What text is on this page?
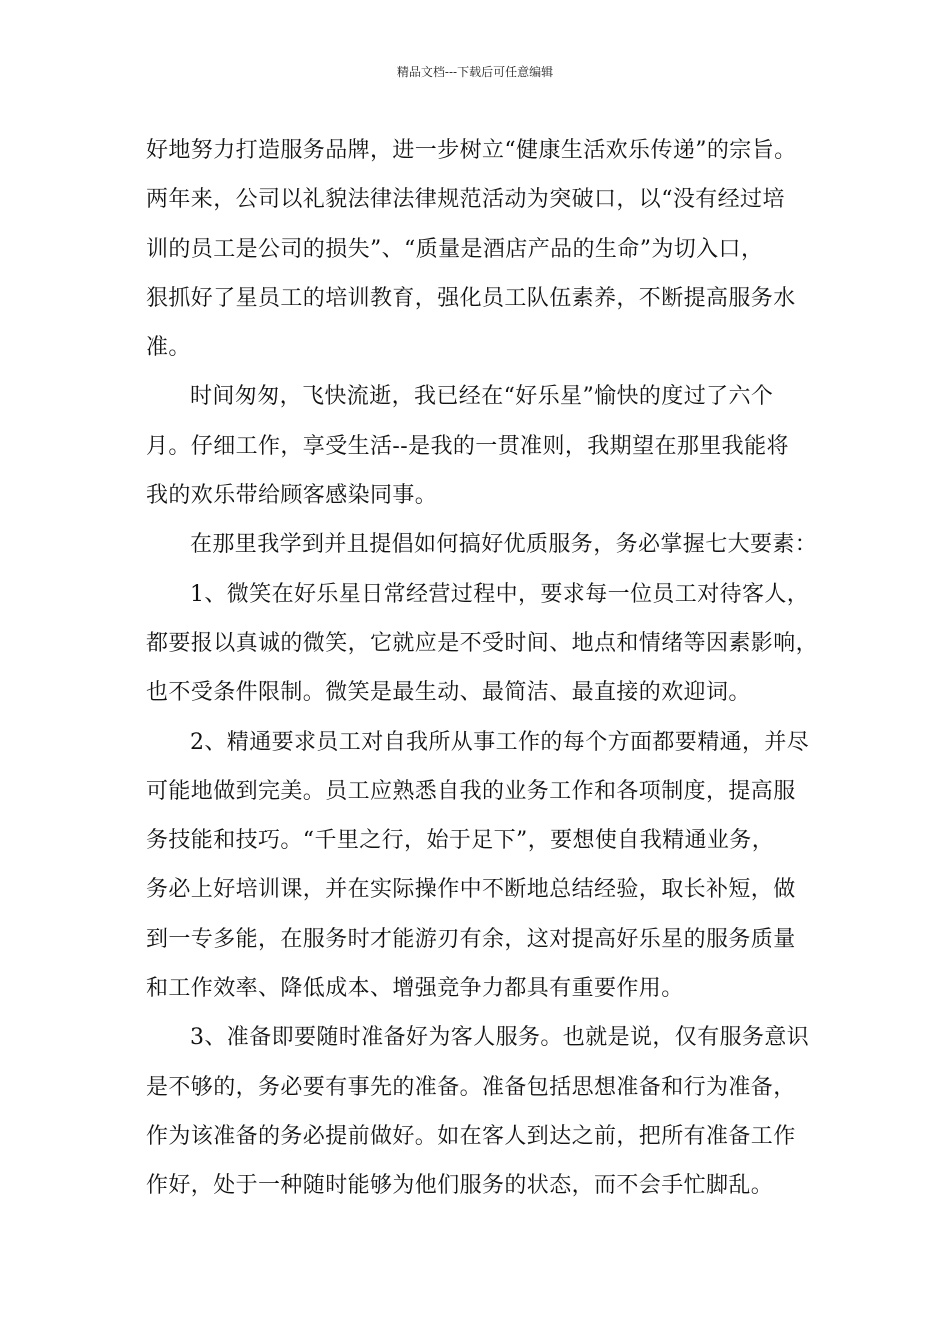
精品文档---下载后可任意编辑
好地努力打造服务品牌，进一步树立“健康生活欢乐传递”的宗旨。
两年来，公司以礼貌法律法律规范活动为突破口，以“没有经过培
训的员工是公司的损失”、“质量是酒店产品的生命”为切入口，
狠抓好了星员工的培训教育，强化员工队伍素养，不断提高服务水
准。
时间匆匆，飞快流逝，我已经在“好乐星”愉快的度过了六个
月。仔细工作，享受生活--是我的一贯准则，我期望在那里我能将
我的欢乐带给顾客感染同事。
在那里我学到并且提倡如何搞好优质服务，务必掌握七大要素：
1、微笑在好乐星日常经营过程中，要求每一位员工对待客人，
都要报以真诚的微笑，它就应是不受时间、地点和情绪等因素影响，
也不受条件限制。微笑是最生动、最简洁、最直接的欢迎词。
2、精通要求员工对自我所从事工作的每个方面都要精通，并尽
可能地做到完美。员工应熟悉自我的业务工作和各项制度，提高服
务技能和技巧。“千里之行，始于足下”，要想使自我精通业务，
务必上好培训课，并在实际操作中不断地总结经验，取长补短，做
到一专多能，在服务时才能游刃有余，这对提高好乐星的服务质量
和工作效率、降低成本、增强竞争力都具有重要作用。
3、准备即要随时准备好为客人服务。也就是说，仅有服务意识
是不够的，务必要有事先的准备。准备包括思想准备和行为准备，
作为该准备的务必提前做好。如在客人到达之前，把所有准备工作
作好，处于一种随时能够为他们服务的状态，而不会手忙脚乱。
